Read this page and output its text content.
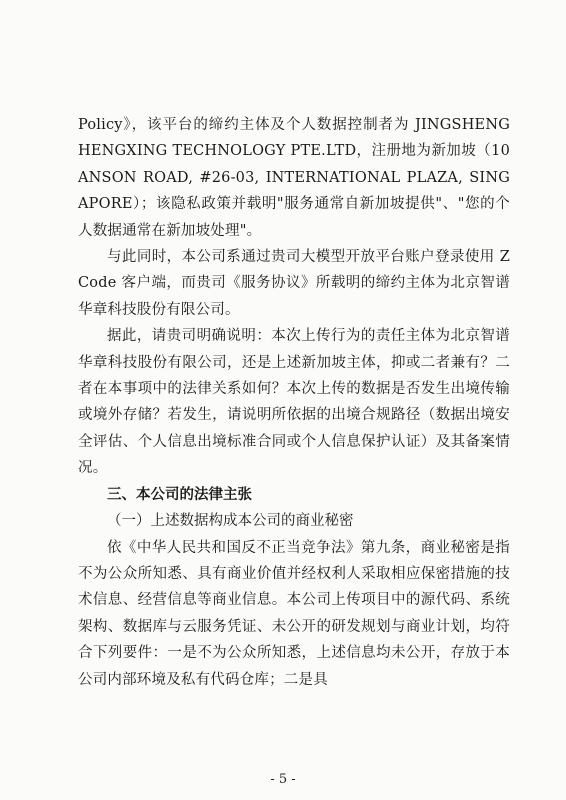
Policy》，该平台的缔约主体及个人数据控制者为 JINGSHENG HENGXING TECHNOLOGY PTE.LTD，注册地为新加坡（10 ANSON ROAD, #26-03, INTERNATIONAL PLAZA, SINGAPORE）；该隐私政策并载明"服务通常自新加坡提供"、"您的个人数据通常在新加坡处理"。

与此同时，本公司系通过贵司大模型开放平台账户登录使用 ZCode 客户端，而贵司《服务协议》所载明的缔约主体为北京智谱华章科技股份有限公司。

据此，请贵司明确说明：本次上传行为的责任主体为北京智谱华章科技股份有限公司，还是上述新加坡主体，抑或二者兼有？二者在本事项中的法律关系如何？本次上传的数据是否发生出境传输或境外存储？若发生，请说明所依据的出境合规路径（数据出境安全评估、个人信息出境标准合同或个人信息保护认证）及其备案情况。

三、本公司的法律主张

（一）上述数据构成本公司的商业秘密

依《中华人民共和国反不正当竞争法》第九条，商业秘密是指不为公众所知悉、具有商业价值并经权利人采取相应保密措施的技术信息、经营信息等商业信息。本公司上传项目中的源代码、系统架构、数据库与云服务凭证、未公开的研发规划与商业计划，均符合下列要件：一是不为公众所知悉，上述信息均未公开，存放于本公司内部环境及私有代码仓库；二是具

- 5 -
